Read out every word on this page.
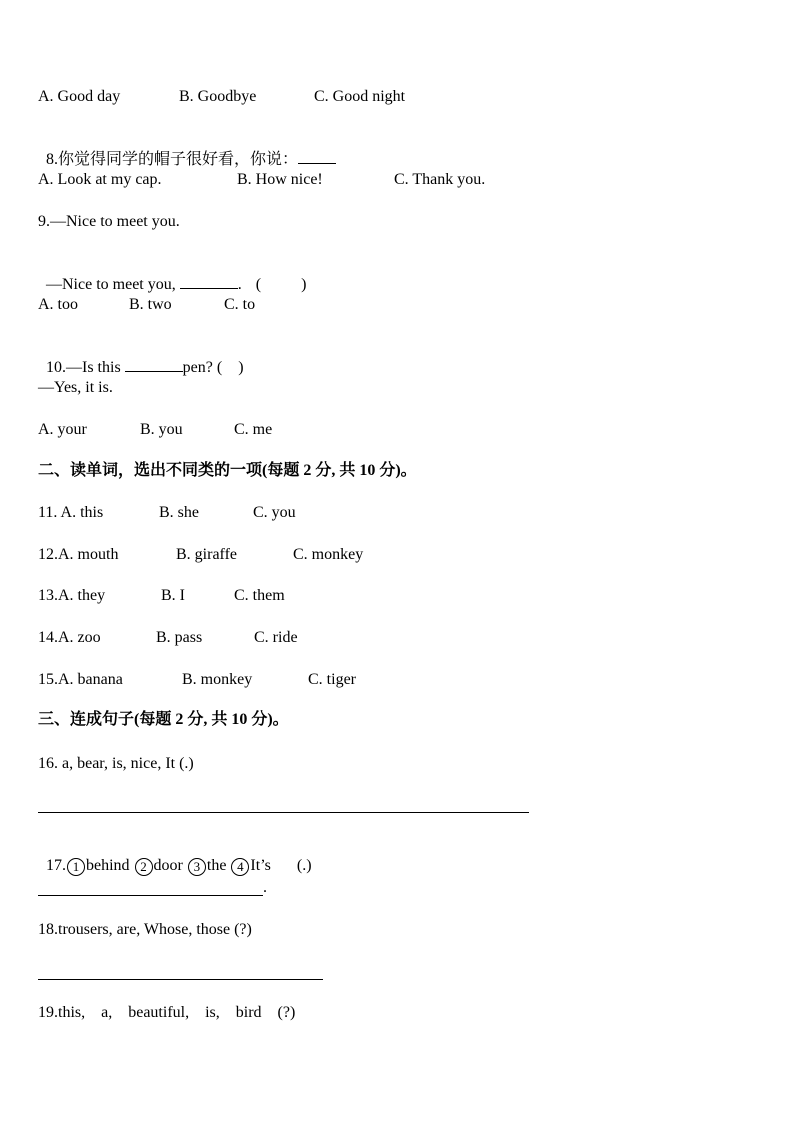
A. Good day	B. Goodbye	C. Good night

8.你觉得同学的帽子很好看，你说：

A. Look at my cap.	B. How nice!	C. Thank you.
9.—Nice to meet you.

—Nice to meet you,	. (          )

A. too	B. two	C. to

10.—Is this	pen? (    )

—Yes, it is.
A. your	B. you	C. me
二、读单词，选出不同类的一项(每题 2 分, 共 10 分)。
11. A. this	B. she	C. you
12.A. mouth	B. giraffe	C. monkey
13.A. they	B. I	C. them
14.A. zoo	B. pass	C. ride
15.A. banana	B. monkey	C. tiger
三、连成句子(每题 2 分, 共 10 分)。
16. a, bear, is, nice, It (.)

17. 1 behind 2 door 3 the 4 It’s (.)

.
18.trousers, are, Whose, those (?)
19.this,    a,    beautiful,    is,    bird    (?)
